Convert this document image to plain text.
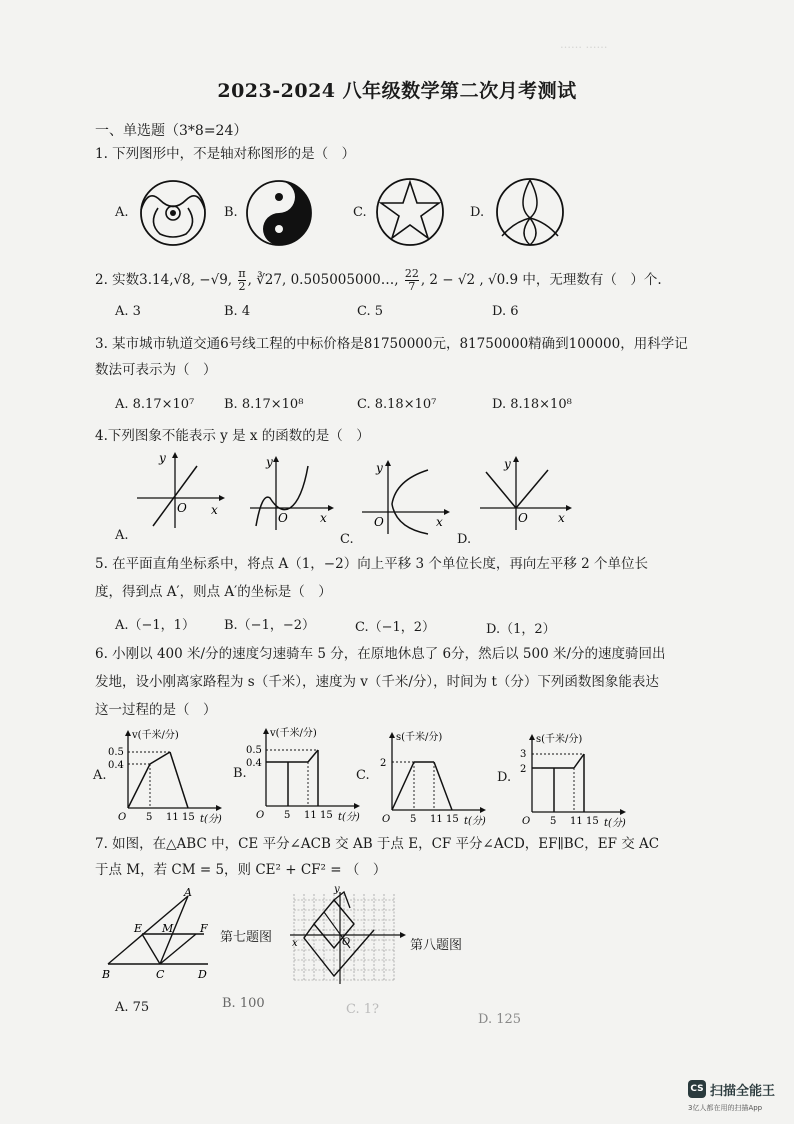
2023-2024 八年级数学第二次月考测试
…… ……
一、单选题（3*8=24）
1. 下列图形中，不是轴对称图形的是（　）
A.	B.	C.	D.
2. 实数3.14,√8, −√9, $\frac{\pi}{2}$ , ∛27, 0.505005000…, $\frac{22}{7}$ , 2 − √2 , √0.9 中，无理数有（　）个.
A. 3	B. 4	C. 5	D. 6
3. 某市城市轨道交通6号线工程的中标价格是81750000元，81750000精确到100000，用科学记
数法可表示为（　）
A. 8.17×10⁷ B. 8.17×10⁸	C. 8.18×10⁷	D. 8.18×10⁸
4.下列图象不能表示 y 是 x 的函数的是（　）
y
x
O
A.
y
x
O
y
x
O
C.
y
x
O
D.
5. 在平面直角坐标系中，将点 A（1，−2）向上平移 3 个单位长度，再向左平移 2 个单位长
度，得到点 A′，则点 A′的坐标是（　）
A.（−1，1） B.（−1，−2）	C.（−1，2）	D.（1，2）
6. 小刚以 400 米/分的速度匀速骑车 5 分，在原地休息了 6分，然后以 500 米/分的速度骑回出
发地，设小刚离家路程为 s（千米），速度为 v（千米/分），时间为 t（分）下列函数图象能表达
这一过程的是（　）
A.
v(千米/分)
0.5
0.4
O 5 11 15 t(分)
B.
v(千米/分)
0.5
0.4
O 5 11 15 t(分)
C.
s(千米/分)
2
O 5 11 15 t(分)
D.
s(千米/分)
3
2
O 5 11 15 t(分)
7. 如图，在△ABC 中，CE 平分∠ACB 交 AB 于点 E，CF 平分∠ACD，EF∥BC，EF 交 AC
于点 M，若 CM = 5，则 CE² + CF² = （　）
A
E M F
B	C	D
第七题图
y
x	O	第八题图
A. 75	B. 100	C. 1?
D. 125
CS 扫描全能王
3亿人都在用的扫描App
